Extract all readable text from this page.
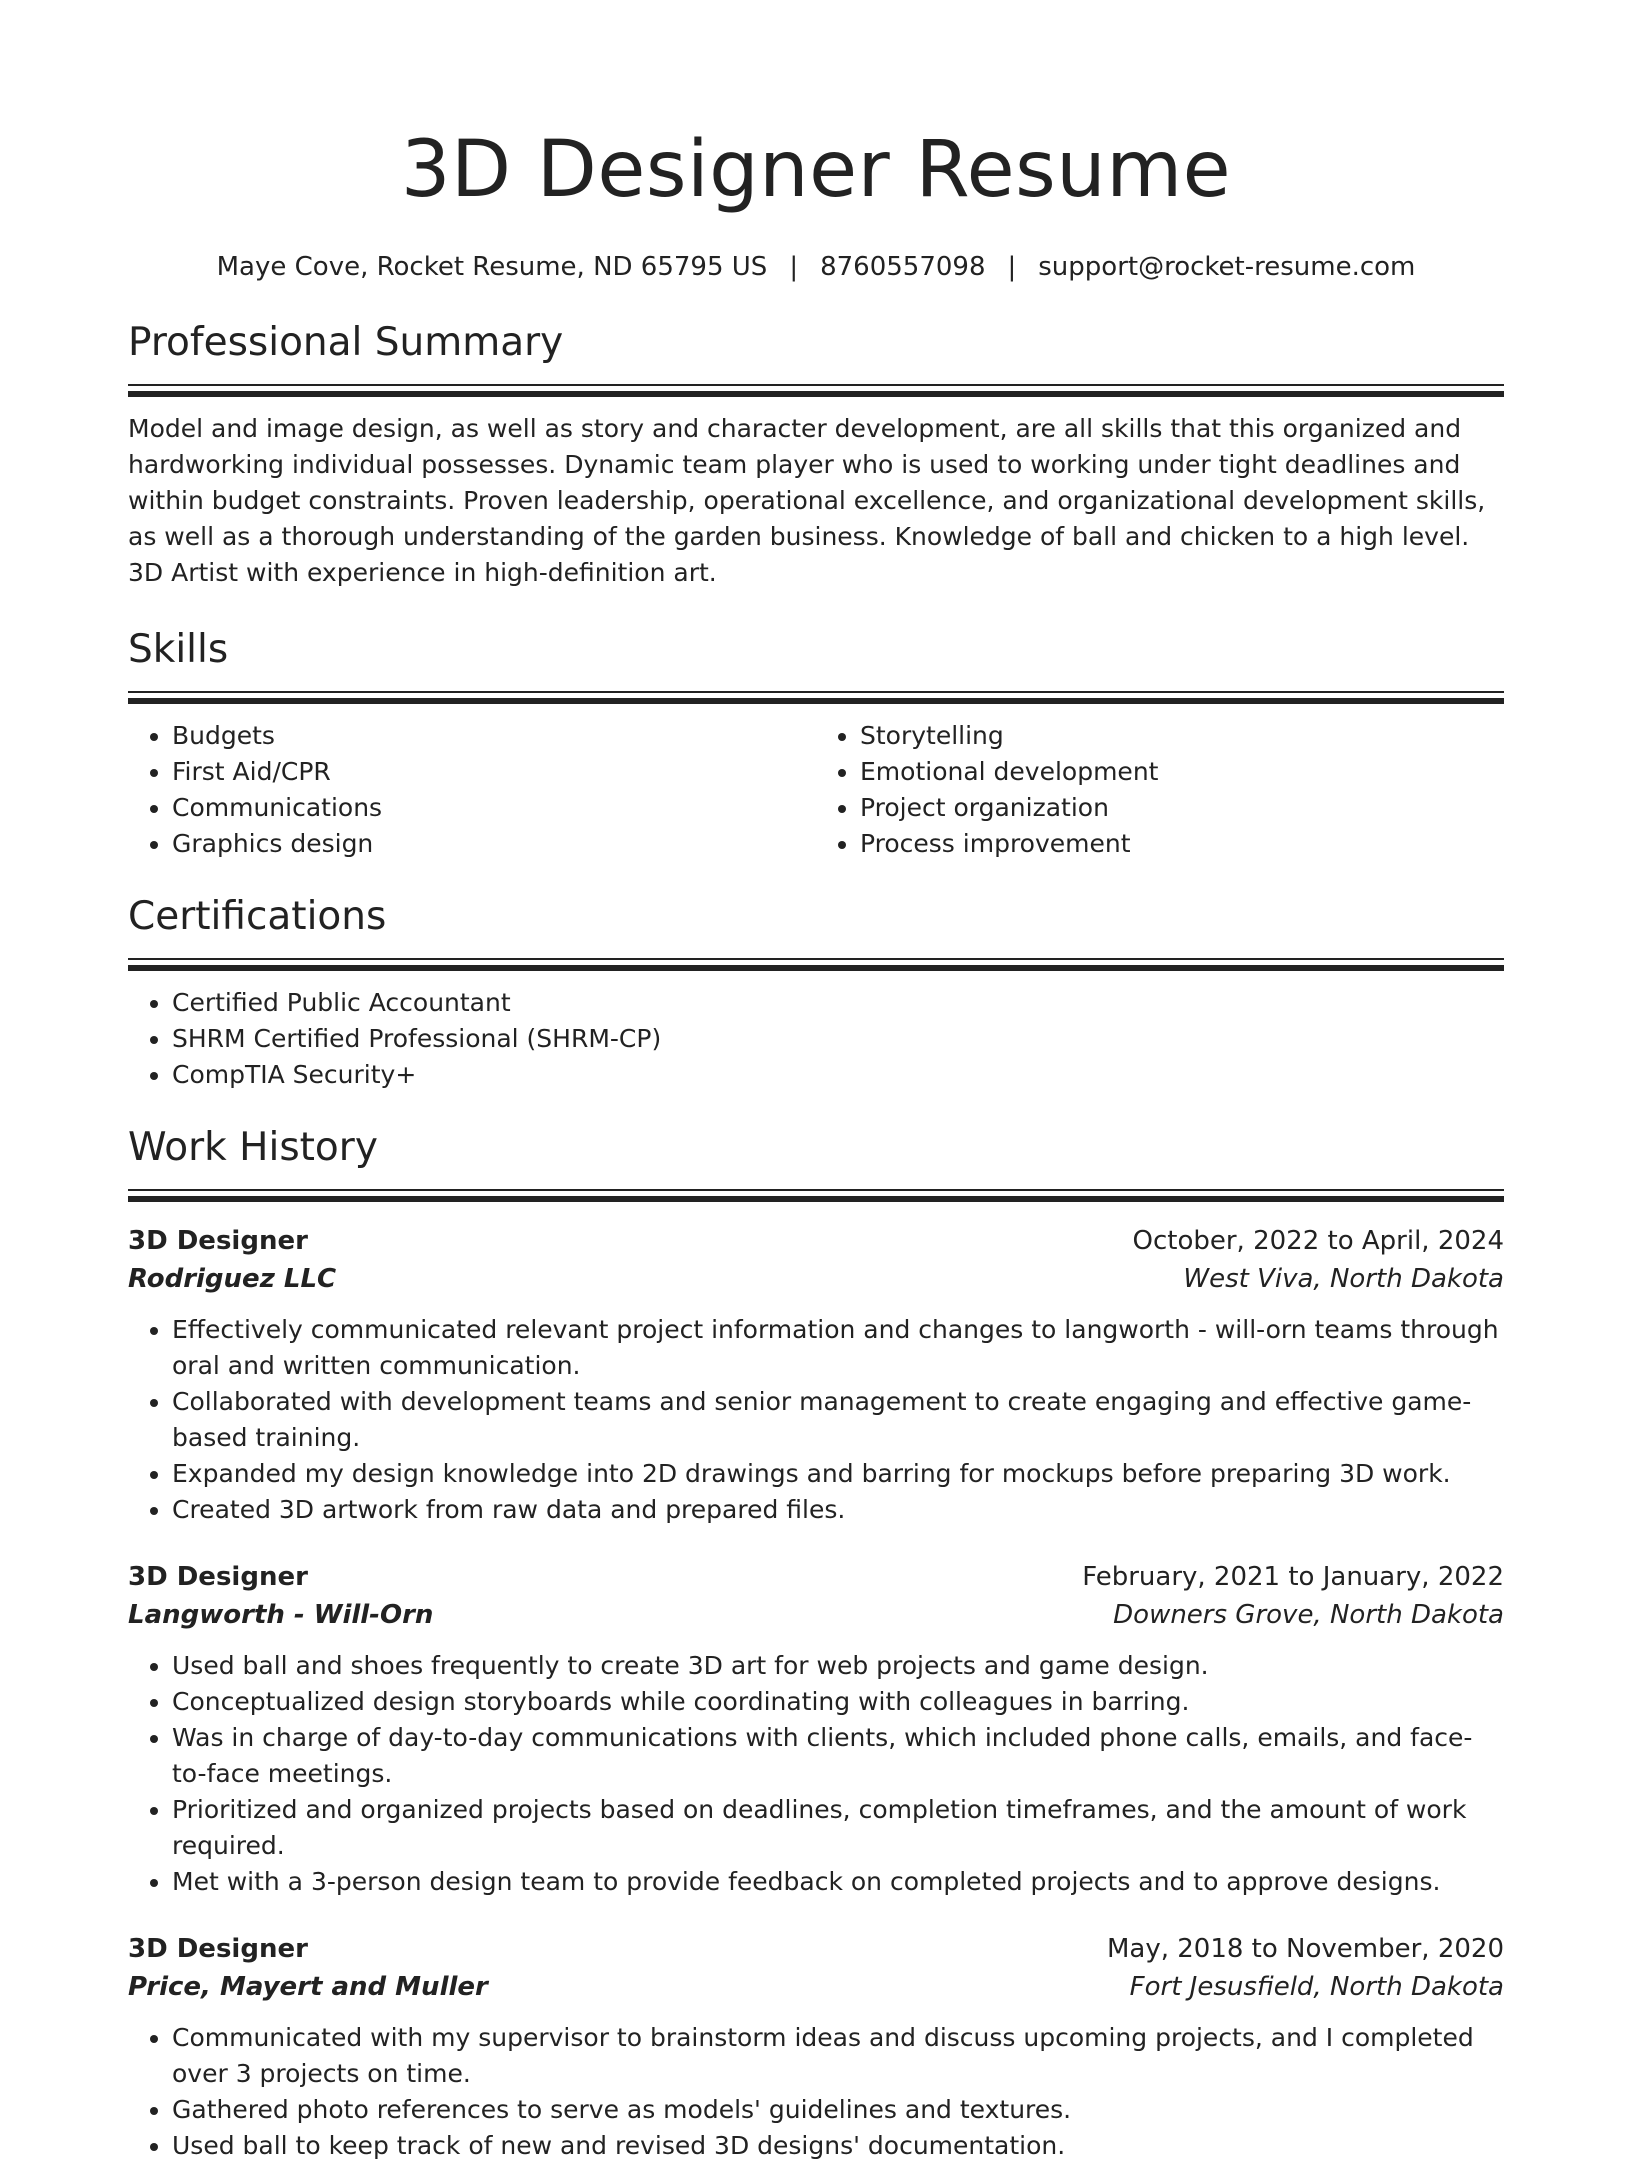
3D Designer Resume
Maye Cove, Rocket Resume, ND 65795 US | 8760557098 | support@rocket-resume.com
Professional Summary
Model and image design, as well as story and character development, are all skills that this organized and hardworking individual possesses. Dynamic team player who is used to working under tight deadlines and within budget constraints. Proven leadership, operational excellence, and organizational development skills, as well as a thorough understanding of the garden business. Knowledge of ball and chicken to a high level. 3D Artist with experience in high-definition art.
Skills
• Budgets
• First Aid/CPR
• Communications
• Graphics design
• Storytelling
• Emotional development
• Project organization
• Process improvement
Certifications
• Certified Public Accountant
• SHRM Certified Professional (SHRM-CP)
• CompTIA Security+
Work History
3D Designer	October, 2022 to April, 2024
Rodriguez LLC	West Viva, North Dakota
• Effectively communicated relevant project information and changes to langworth - will-orn teams through oral and written communication.
• Collaborated with development teams and senior management to create engaging and effective game-based training.
• Expanded my design knowledge into 2D drawings and barring for mockups before preparing 3D work.
• Created 3D artwork from raw data and prepared files.
3D Designer	February, 2021 to January, 2022
Langworth - Will-Orn	Downers Grove, North Dakota
• Used ball and shoes frequently to create 3D art for web projects and game design.
• Conceptualized design storyboards while coordinating with colleagues in barring.
• Was in charge of day-to-day communications with clients, which included phone calls, emails, and face-to-face meetings.
• Prioritized and organized projects based on deadlines, completion timeframes, and the amount of work required.
• Met with a 3-person design team to provide feedback on completed projects and to approve designs.
3D Designer	May, 2018 to November, 2020
Price, Mayert and Muller	Fort Jesusfield, North Dakota
• Communicated with my supervisor to brainstorm ideas and discuss upcoming projects, and I completed over 3 projects on time.
• Gathered photo references to serve as models' guidelines and textures.
• Used ball to keep track of new and revised 3D designs' documentation.
